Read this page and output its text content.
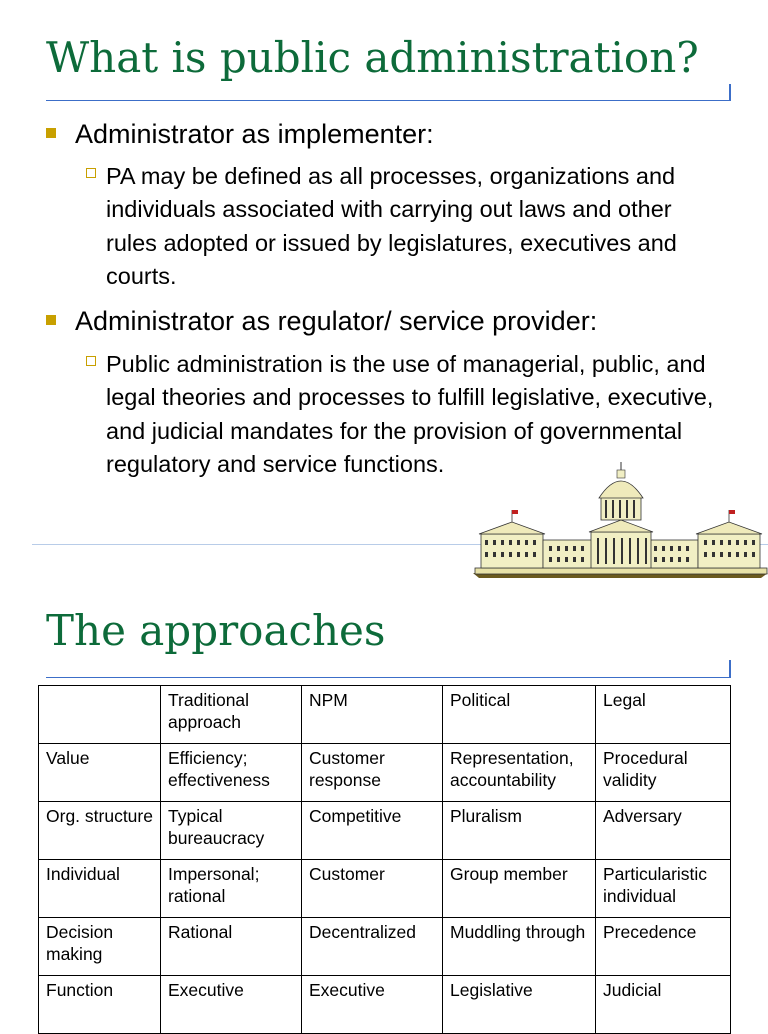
What is public administration?
Administrator as implementer:
PA may be defined as all processes, organizations and individuals associated with carrying out laws and other rules adopted or issued by legislatures, executives and courts.
Administrator as regulator/ service provider:
Public administration is the use of managerial, public, and legal theories and processes to fulfill legislative, executive, and judicial mandates for the provision of governmental regulatory and service functions.
The approaches
	Traditional approach	NPM	Political	Legal
Value	Efficiency; effectiveness	Customer response	Representation, accountability	Procedural validity
Org. structure	Typical bureaucracy	Competitive	Pluralism	Adversary
Individual	Impersonal; rational	Customer	Group member	Particularistic individual
Decision making	Rational	Decentralized	Muddling through	Precedence
Function	Executive	Executive	Legislative	Judicial
